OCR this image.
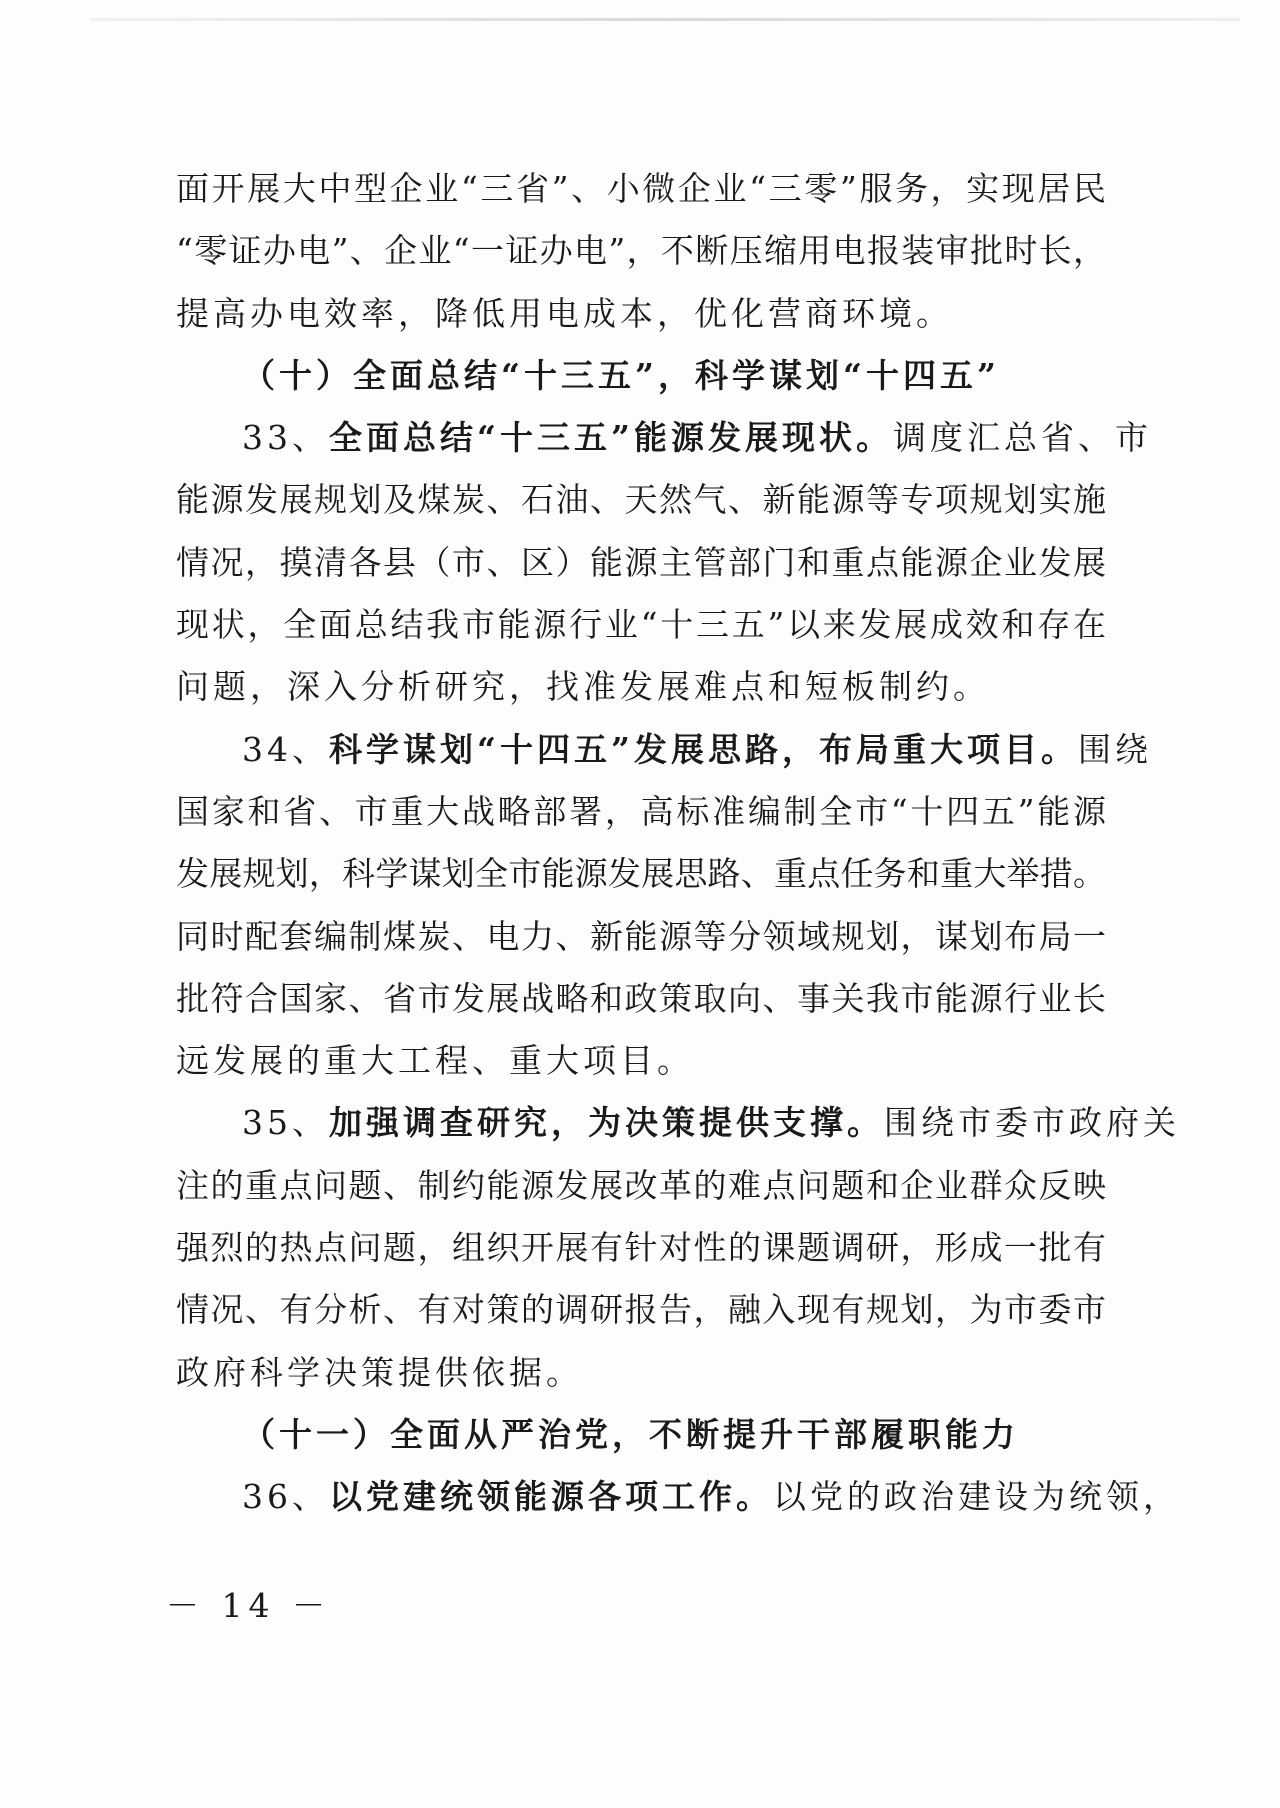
面开展大中型企业“三省”、小微企业“三零”服务，实现居民
“零证办电”、企业“一证办电”，不断压缩用电报装审批时长，
提高办电效率，降低用电成本，优化营商环境。
（十）全面总结“十三五”，科学谋划“十四五”
33、全面总结“十三五”能源发展现状。调度汇总省、市
能源发展规划及煤炭、石油、天然气、新能源等专项规划实施
情况，摸清各县（市、区）能源主管部门和重点能源企业发展
现状，全面总结我市能源行业“十三五”以来发展成效和存在
问题，深入分析研究，找准发展难点和短板制约。
34、科学谋划“十四五”发展思路，布局重大项目。围绕
国家和省、市重大战略部署，高标准编制全市“十四五”能源
发展规划，科学谋划全市能源发展思路、重点任务和重大举措。
同时配套编制煤炭、电力、新能源等分领域规划，谋划布局一
批符合国家、省市发展战略和政策取向、事关我市能源行业长
远发展的重大工程、重大项目。
35、加强调查研究，为决策提供支撑。围绕市委市政府关
注的重点问题、制约能源发展改革的难点问题和企业群众反映
强烈的热点问题，组织开展有针对性的课题调研，形成一批有
情况、有分析、有对策的调研报告，融入现有规划，为市委市
政府科学决策提供依据。
（十一）全面从严治党，不断提升干部履职能力
36、以党建统领能源各项工作。以党的政治建设为统领，
－ 14 －
